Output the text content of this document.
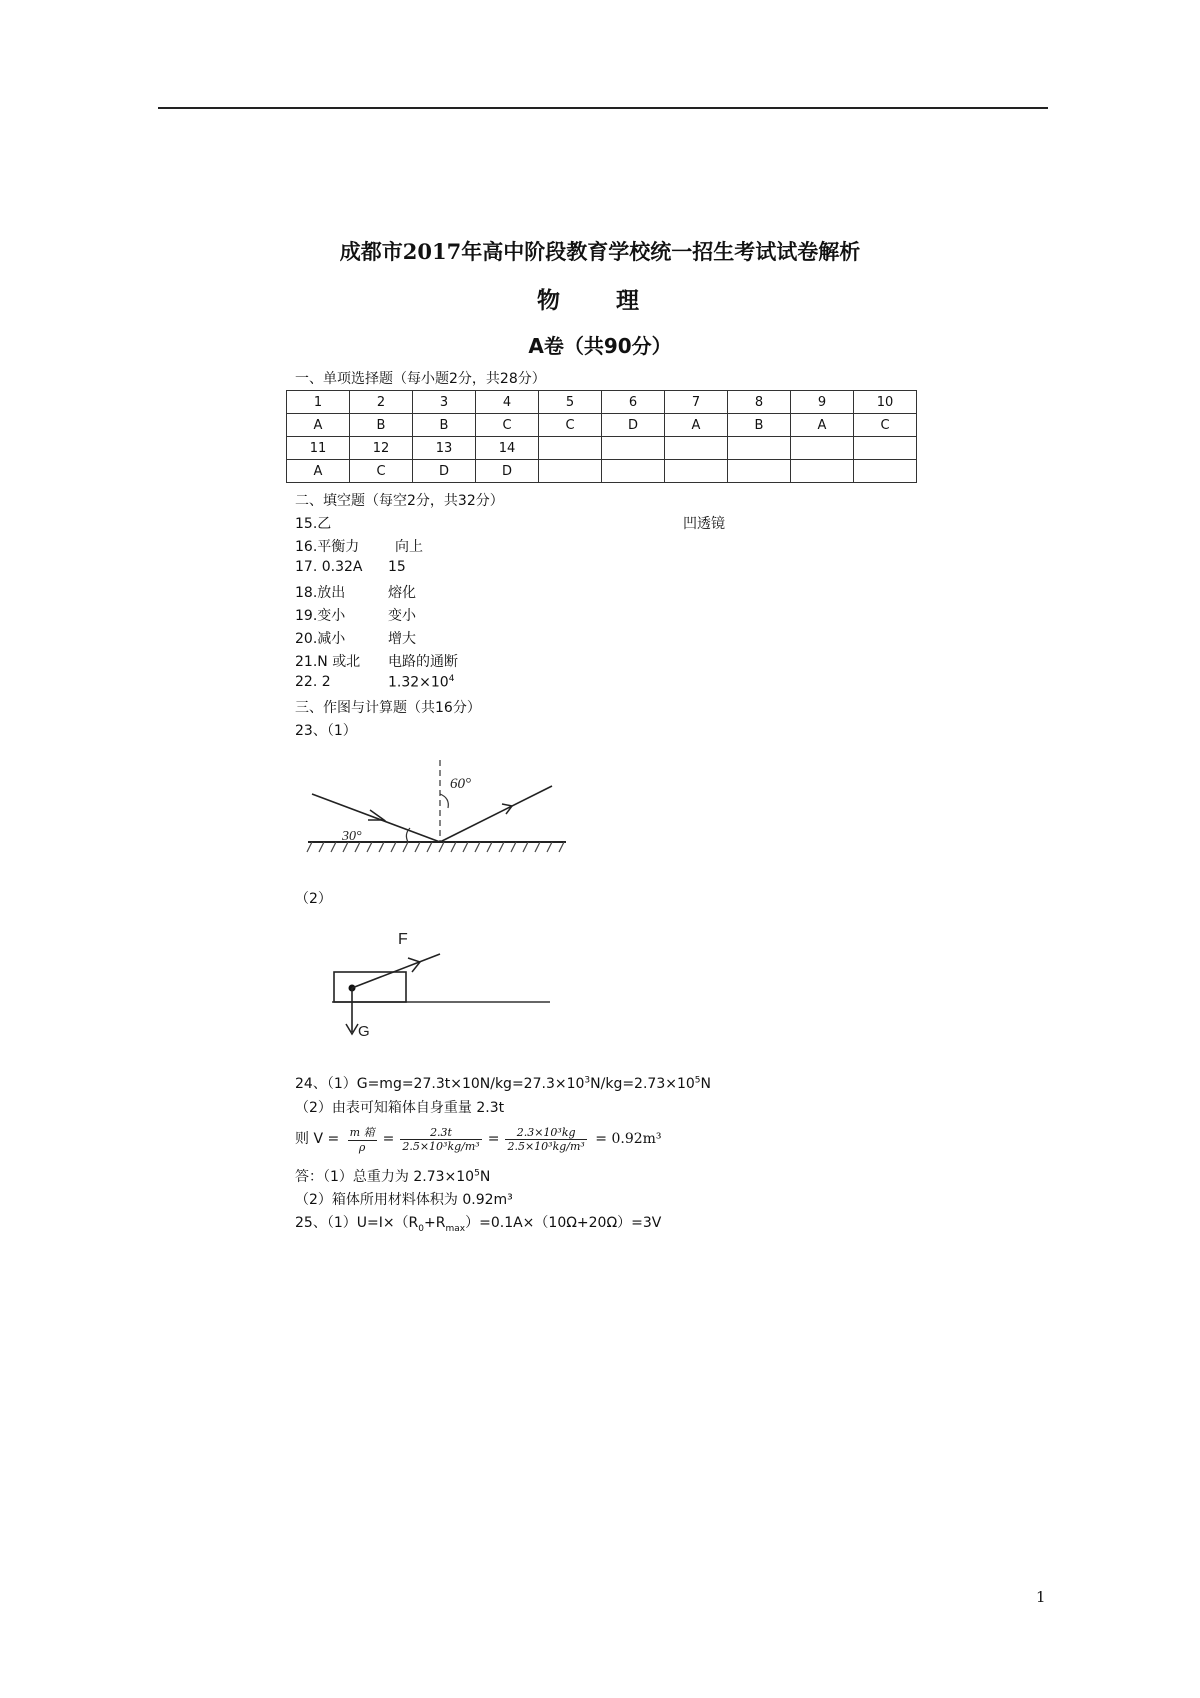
成都市2017年高中阶段教育学校统一招生考试试卷解析
物 理
A卷（共90分）
一、单项选择题（每小题2分，共28分）
1	2	3	4	5	6	7	8	9	10
A	B	B	C	C	D	A	B	A	C
11	12	13	14						
A	C	D	D						
二、填空题（每空2分，共32分）
15.乙	凹透镜
16.平衡力	向上
17. 0.32A 15
18.放出	熔化
19.变小	变小
20.减小	增大
21.N 或北 电路的通断
22. 2	$1.32\times 10^4$
三、作图与计算题（共16分）
23、（1）
60°
30°
（2）
F
G
24、$(1)G=mg=27.3t\times 10N/kg=27.3\times 10^3N/kg=2.73\times 10^5N$
（2）由表可知箱体自身重量 2.3t
则 $V = \frac{\text{m 箱}}{\rho} = \frac{2.3t}{\text{2.5×10³kg/m³}} = \frac{\text{2.3×10³kg}}{\text{2.5×10³kg/m³}} = 0.92m^3$
答：（1）总重力为 $2.73\times 10^5N$
（2）箱体所用材料体积为 0.92m³
25、$(1)U=I\times(R_0+R_{max})=0.1A\times(10\Omega+20\Omega)=3V$
1
